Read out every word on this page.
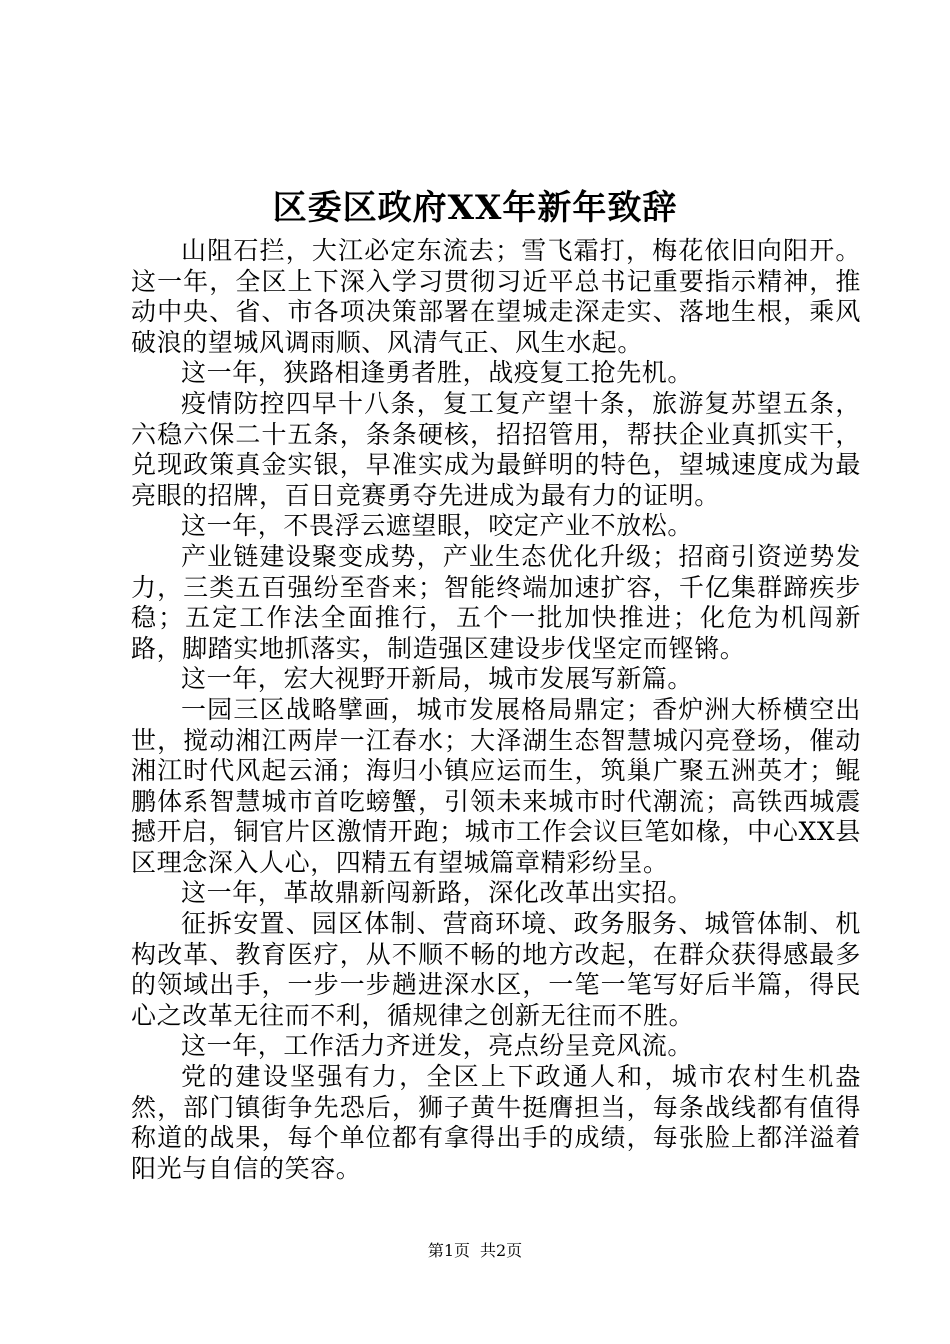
区委区政府XX年新年致辞

山阻石拦，大江必定东流去；雪飞霜打，梅花依旧向阳开。这一年，全区上下深入学习贯彻习近平总书记重要指示精神，推动中央、省、市各项决策部署在望城走深走实、落地生根，乘风破浪的望城风调雨顺、风清气正、风生水起。

这一年，狭路相逢勇者胜，战疫复工抢先机。

疫情防控四早十八条，复工复产望十条，旅游复苏望五条，六稳六保二十五条，条条硬核，招招管用，帮扶企业真抓实干，兑现政策真金实银，早准实成为最鲜明的特色，望城速度成为最亮眼的招牌，百日竞赛勇夺先进成为最有力的证明。

这一年，不畏浮云遮望眼，咬定产业不放松。

产业链建设聚变成势，产业生态优化升级；招商引资逆势发力，三类五百强纷至沓来；智能终端加速扩容，千亿集群蹄疾步稳；五定工作法全面推行，五个一批加快推进；化危为机闯新路，脚踏实地抓落实，制造强区建设步伐坚定而铿锵。

这一年，宏大视野开新局，城市发展写新篇。

一园三区战略擘画，城市发展格局鼎定；香炉洲大桥横空出世，搅动湘江两岸一江春水；大泽湖生态智慧城闪亮登场，催动湘江时代风起云涌；海归小镇应运而生，筑巢广聚五洲英才；鲲鹏体系智慧城市首吃螃蟹，引领未来城市时代潮流；高铁西城震撼开启，铜官片区激情开跑；城市工作会议巨笔如椽，中心XX县区理念深入人心，四精五有望城篇章精彩纷呈。

这一年，革故鼎新闯新路，深化改革出实招。

征拆安置、园区体制、营商环境、政务服务、城管体制、机构改革、教育医疗，从不顺不畅的地方改起，在群众获得感最多的领域出手，一步一步趟进深水区，一笔一笔写好后半篇，得民心之改革无往而不利，循规律之创新无往而不胜。

这一年，工作活力齐迸发，亮点纷呈竞风流。

党的建设坚强有力，全区上下政通人和，城市农村生机盎然，部门镇街争先恐后，狮子黄牛挺膺担当，每条战线都有值得称道的战果，每个单位都有拿得出手的成绩，每张脸上都洋溢着阳光与自信的笑容。

第1页 共2页
